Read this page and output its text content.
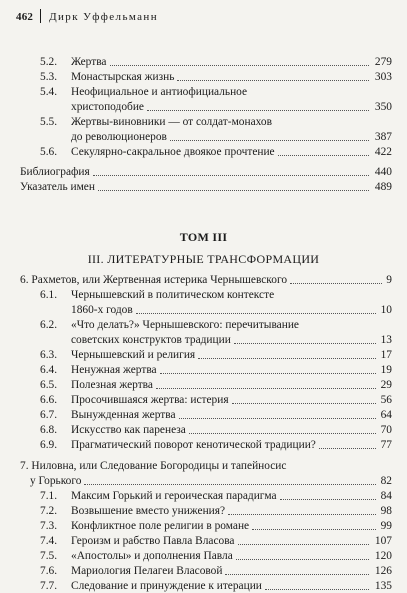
462 Дирк Уффельманн
5.2. Жертва	279
5.3. Монастырская жизнь	303
5.4. Неофициальное и антиофициальное
христоподобие	350
5.5. Жертвы-виновники — от солдат-монахов
до революционеров	387
5.6. Секулярно-сакральное двоякое прочтение	422
Библиография	440
Указатель имен	489
6. Рахметов, или Жертвенная истерика Чернышевского	9
6.1. Чернышевский в политическом контексте
1860-х годов	10
6.2. «Что делать?» Чернышевского: перечитывание
советских конструктов традиции	13
6.3. Чернышевский и религия	17
6.4. Ненужная жертва	19
6.5. Полезная жертва	29
6.6. Просочившаяся жертва: истерия	56
6.7. Вынужденная жертва	64
6.8. Искусство как паренеза	70
6.9. Прагматический поворот кенотической традиции?	77
7. Ниловна, или Следование Богородицы и тапейносис
у Горького	82
7.1. Максим Горький и героическая парадигма	84
7.2. Возвышение вместо унижения?	98
7.3. Конфликтное поле религии в романе	99
7.4. Героизм и рабство Павла Власова	107
7.5. «Апостолы» и дополнения Павла	120
7.6. Мариология Пелагеи Власовой	126
7.7. Следование и принуждение к итерации	135
ТОМ III
III. ЛИТЕРАТУРНЫЕ ТРАНСФОРМАЦИИ
